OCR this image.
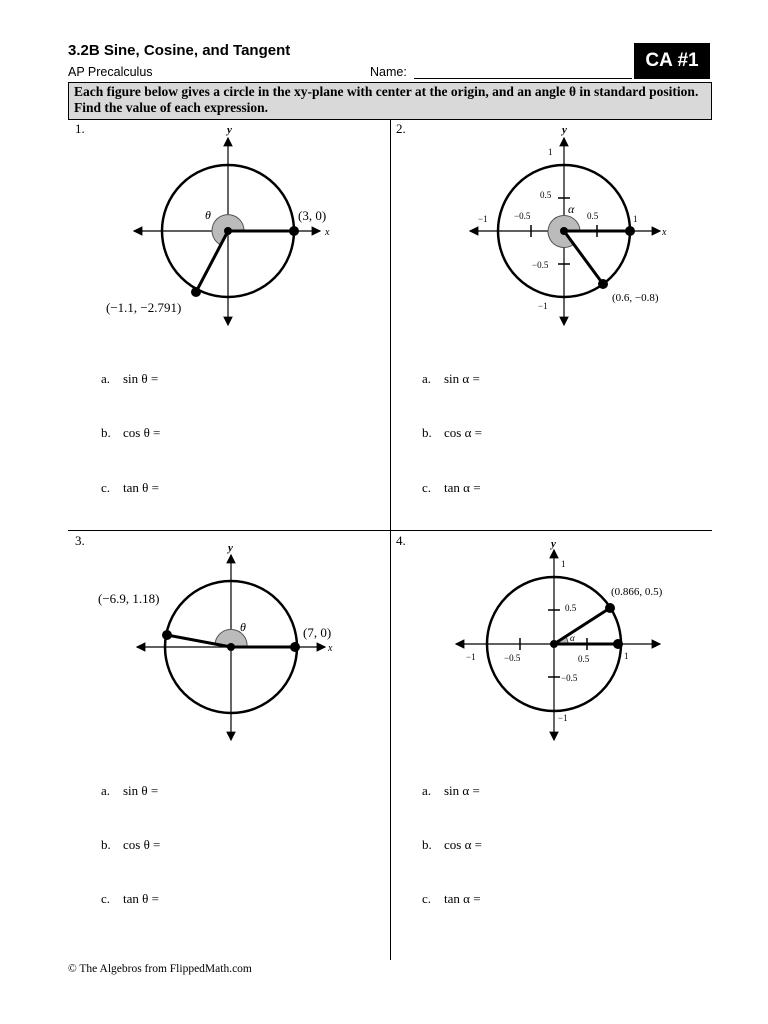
3.2B Sine, Cosine, and Tangent
AP Precalculus	Name:
CA #1
Each figure below gives a circle in the xy-plane with center at the origin, and an angle θ in standard position. Find the value of each expression.
1.	2.
3.	4.
x
y
θ	(3, 0)
(−1.1, −2.791)
x
y
−1	−0.5	0.5	1
1
0.5
−0.5
−1
α
(0.6, −0.8)
a. sin θ =
b. cos θ =
c. tan θ =
a. sin α =
b. cos α =
c. tan α =
x
y
θ	(7, 0)
(−6.9, 1.18)
x
y
−1	−0.5	0.5	1
1
0.5
−0.5
−1
α
(0.866, 0.5)
a. sin θ =
b. cos θ =
c. tan θ =
a. sin α =
b. cos α =
c. tan α =
© The Algebros from FlippedMath.com
